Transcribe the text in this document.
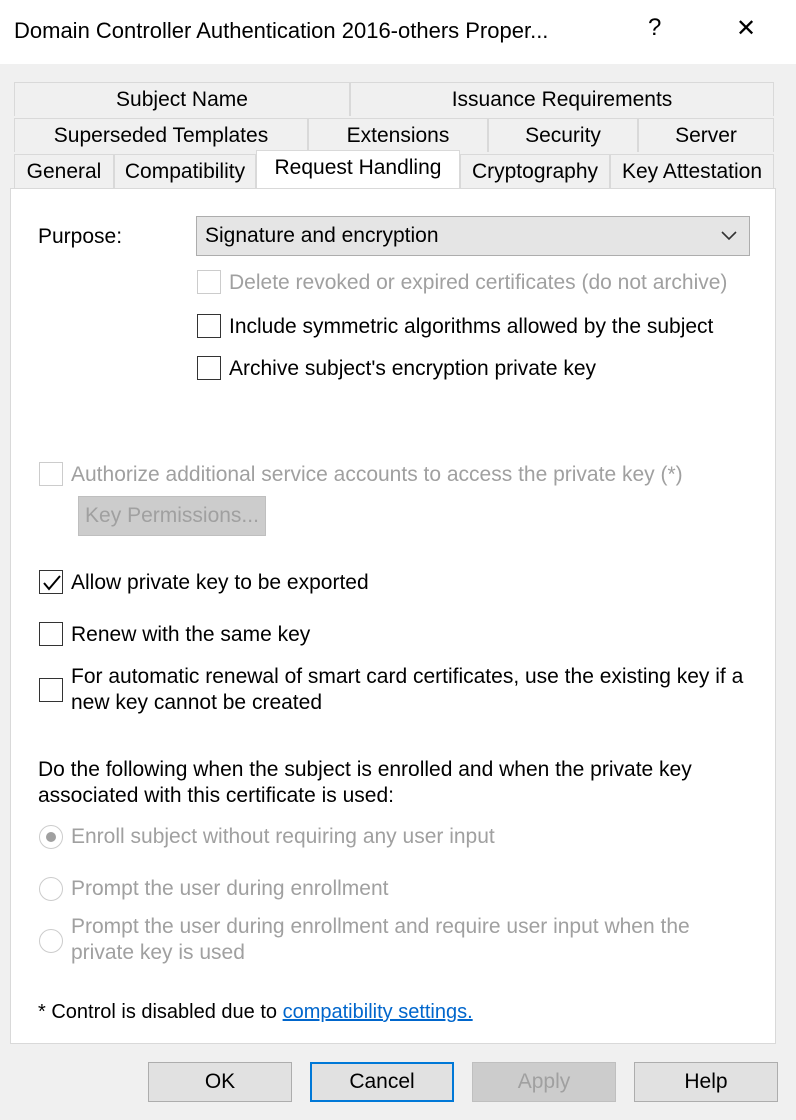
Domain Controller Authentication 2016-others Proper...	?	✕
Subject Name	Issuance Requirements
Superseded Templates	Extensions	Security	Server
General	Compatibility	Request Handling	Cryptography	Key Attestation
Purpose:	Signature and encryption
Delete revoked or expired certificates (do not archive)
Include symmetric algorithms allowed by the subject
Archive subject's encryption private key
Authorize additional service accounts to access the private key (*)
Key Permissions...
Allow private key to be exported
Renew with the same key
For automatic renewal of smart card certificates, use the existing key if a
new key cannot be created
Do the following when the subject is enrolled and when the private key
associated with this certificate is used:
Enroll subject without requiring any user input
Prompt the user during enrollment
Prompt the user during enrollment and require user input when the
private key is used
* Control is disabled due to compatibility settings.
OK	Cancel	Apply	Help
